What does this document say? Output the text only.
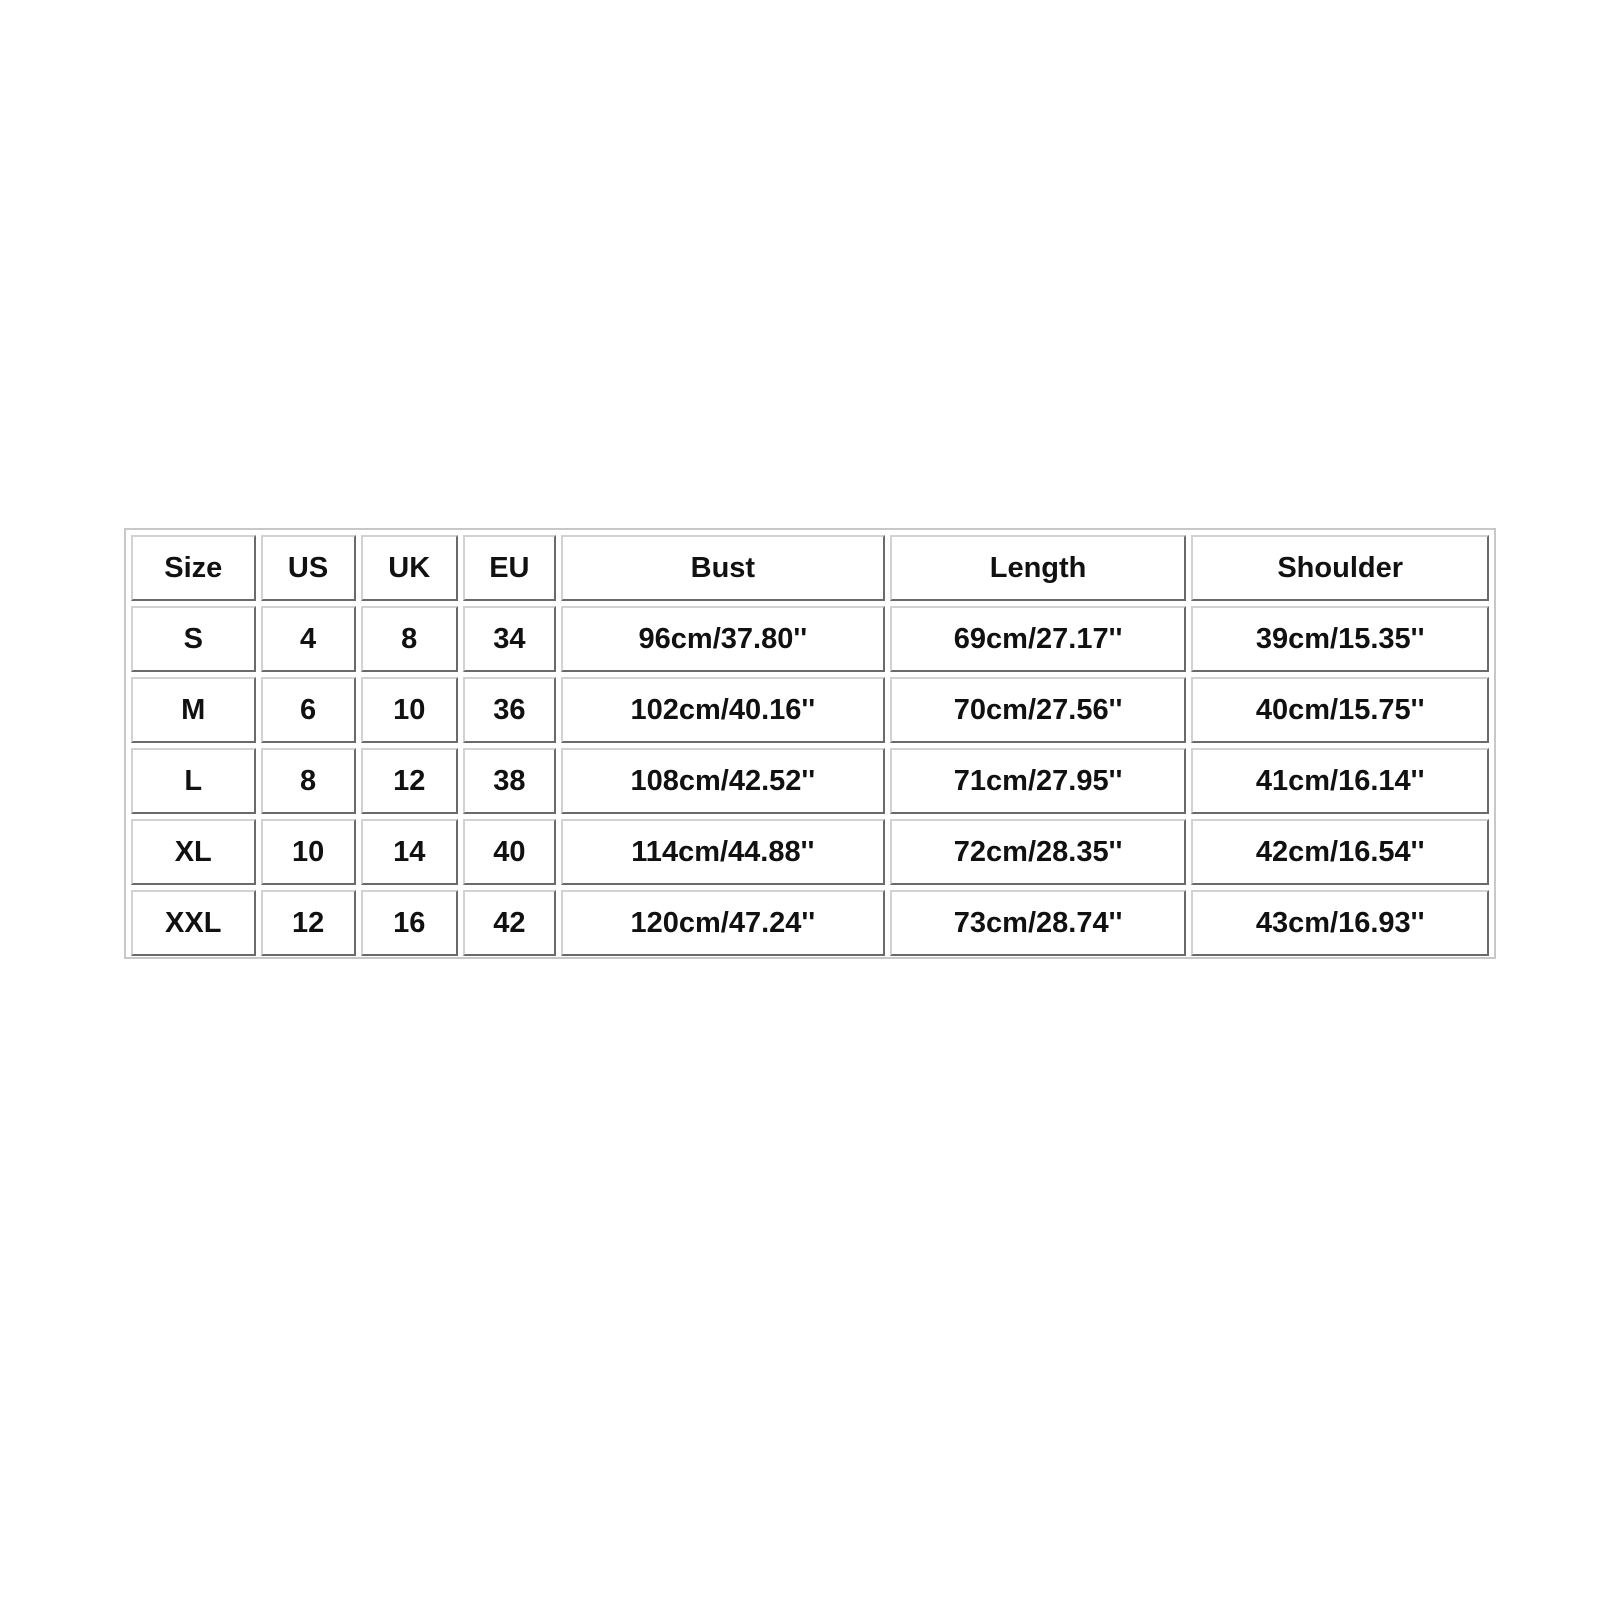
Size	US	UK	EU	Bust	Length	Shoulder
S	4	8	34	96cm/37.80''	69cm/27.17''	39cm/15.35''
M	6	10	36	102cm/40.16''	70cm/27.56''	40cm/15.75''
L	8	12	38	108cm/42.52''	71cm/27.95''	41cm/16.14''
XL	10	14	40	114cm/44.88''	72cm/28.35''	42cm/16.54''
XXL	12	16	42	120cm/47.24''	73cm/28.74''	43cm/16.93''
